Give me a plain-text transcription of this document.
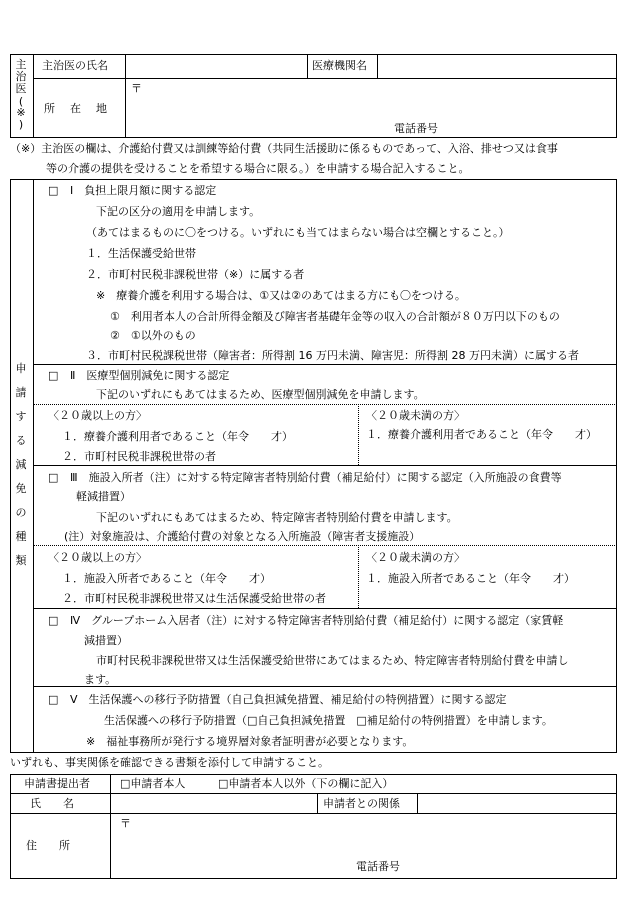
主
治
医
(
※
)
主治医の氏名	医療機関名
所　在　地
〒
電話番号
（※）主治医の欄は、介護給付費又は訓練等給付費（共同生活援助に係るものであって、入浴、排せつ又は食事
等の介護の提供を受けることを希望する場合に限る。）を申請する場合記入すること。
申
請
す
る
減
免
の
種
類
□ Ⅰ　負担上限月額に関する認定
下記の区分の適用を申請します。
（あてはまるものに〇をつける。いずれにも当てはまらない場合は空欄とすること。）
１．生活保護受給世帯
２．市町村民税非課税世帯（※）に属する者
※　療養介護を利用する場合は、①又は②のあてはまる方にも〇をつける。
①　利用者本人の合計所得金額及び障害者基礎年金等の収入の合計額が８０万円以下のもの
②　①以外のもの
３．市町村民税課税世帯（障害者：所得割 16 万円未満、障害児：所得割 28 万円未満）に属する者
□ Ⅱ　医療型個別減免に関する認定
下記のいずれにもあてはまるため、医療型個別減免を申請します。
〈２０歳以上の方〉
１．療養介護利用者であること（年令　　才）
２．市町村民税非課税世帯の者
〈２０歳未満の方〉
１．療養介護利用者であること（年令　　才）
□ Ⅲ　施設入所者（注）に対する特定障害者特別給付費（補足給付）に関する認定（入所施設の食費等
軽減措置）
下記のいずれにもあてはまるため、特定障害者特別給付費を申請します。
(注）対象施設は、介護給付費の対象となる入所施設（障害者支援施設）
〈２０歳以上の方〉
１．施設入所者であること（年令　　才）
２．市町村民税非課税世帯又は生活保護受給世帯の者
〈２０歳未満の方〉
１．施設入所者であること（年令　　才）
□ Ⅳ　グループホーム入居者（注）に対する特定障害者特別給付費（補足給付）に関する認定（家賃軽
減措置）
市町村民税非課税世帯又は生活保護受給世帯にあてはまるため、特定障害者特別給付費を申請し
ます。
□ Ⅴ　生活保護への移行予防措置（自己負担減免措置、補足給付の特例措置）に関する認定
生活保護への移行予防措置（□自己負担減免措置　□補足給付の特例措置）を申請します。
※　福祉事務所が発行する境界層対象者証明書が必要となります。
いずれも、事実関係を確認できる書類を添付して申請すること。
申請書提出者	□申請者本人	□申請者本人以外（下の欄に記入）
氏　　名	申請者との関係
住　　所
〒
電話番号
